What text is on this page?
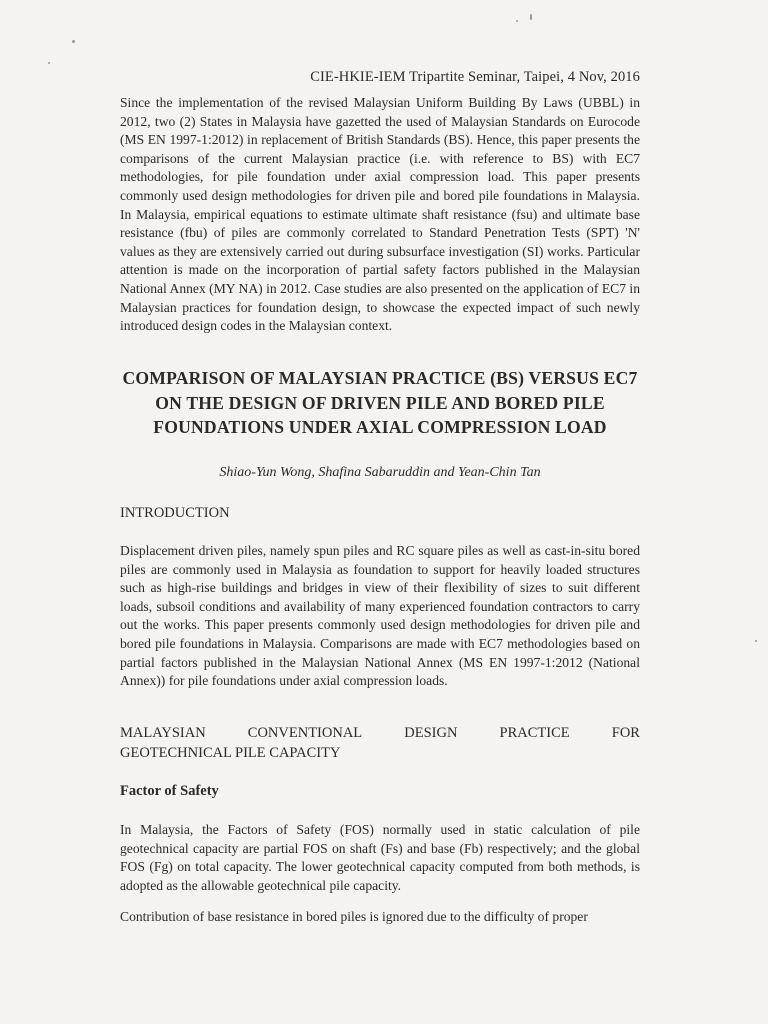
CIE-HKIE-IEM Tripartite Seminar, Taipei, 4 Nov, 2016

Since the implementation of the revised Malaysian Uniform Building By Laws (UBBL) in 2012, two (2) States in Malaysia have gazetted the used of Malaysian Standards on Eurocode (MS EN 1997-1:2012) in replacement of British Standards (BS). Hence, this paper presents the comparisons of the current Malaysian practice (i.e. with reference to BS) with EC7 methodologies, for pile foundation under axial compression load. This paper presents commonly used design methodologies for driven pile and bored pile foundations in Malaysia. In Malaysia, empirical equations to estimate ultimate shaft resistance (fsu) and ultimate base resistance (fbu) of piles are commonly correlated to Standard Penetration Tests (SPT) 'N' values as they are extensively carried out during subsurface investigation (SI) works. Particular attention is made on the incorporation of partial safety factors published in the Malaysian National Annex (MY NA) in 2012. Case studies are also presented on the application of EC7 in Malaysian practices for foundation design, to showcase the expected impact of such newly introduced design codes in the Malaysian context.

COMPARISON OF MALAYSIAN PRACTICE (BS) VERSUS EC7 ON THE DESIGN OF DRIVEN PILE AND BORED PILE FOUNDATIONS UNDER AXIAL COMPRESSION LOAD

Shiao-Yun Wong, Shafina Sabaruddin and Yean-Chin Tan

INTRODUCTION

Displacement driven piles, namely spun piles and RC square piles as well as cast-in-situ bored piles are commonly used in Malaysia as foundation to support for heavily loaded structures such as high-rise buildings and bridges in view of their flexibility of sizes to suit different loads, subsoil conditions and availability of many experienced foundation contractors to carry out the works. This paper presents commonly used design methodologies for driven pile and bored pile foundations in Malaysia. Comparisons are made with EC7 methodologies based on partial factors published in the Malaysian National Annex (MS EN 1997-1:2012 (National Annex)) for pile foundations under axial compression loads.

MALAYSIAN	CONVENTIONAL	DESIGN	PRACTICE	FOR
GEOTECHNICAL PILE CAPACITY
Factor of Safety

In Malaysia, the Factors of Safety (FOS) normally used in static calculation of pile geotechnical capacity are partial FOS on shaft (Fs) and base (Fb) respectively; and the global FOS (Fg) on total capacity. The lower geotechnical capacity computed from both methods, is adopted as the allowable geotechnical pile capacity.

Contribution of base resistance in bored piles is ignored due to the difficulty of proper
